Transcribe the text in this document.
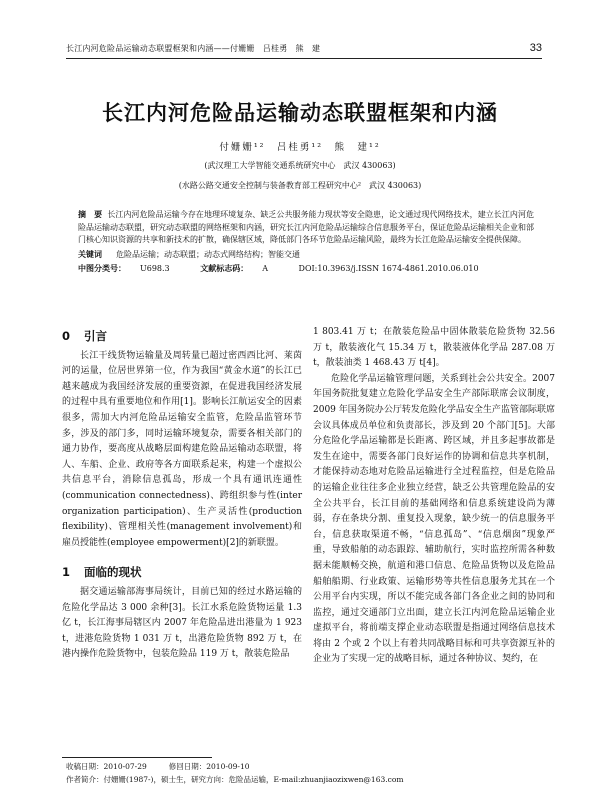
长江内河危险品运输动态联盟框架和内涵——付姗姗　吕桂勇　熊　建	33
长江内河危险品运输动态联盟框架和内涵
付姗姗¹²　吕桂勇¹²　熊　建¹²
(武汉理工大学智能交通系统研究中心　武汉 430063)
(水路公路交通安全控制与装备教育部工程研究中心²　武汉 430063)
摘　要 长江内河危险品运输今存在地理环境复杂、缺乏公共服务能力现状等安全隐患，论文通过现代网络技术，建立长江内河危险品运输动态联盟，研究动态联盟的网络框架和内涵，研究长江内河危险品运输综合信息服务平台，保证危险品运输相关企业和部门核心知识资源的共享和新技术的扩散，确保辖区域，降低部门各环节危险品运输风险，最终为长江危险品运输安全提供保障。
关键词 危险品运输；动态联盟；动态式网络结构；智能交通
中图分类号： U698.3	文献标志码： A	DOI:10.3963/j.ISSN 1674-4861.2010.06.010
0 引言

长江干线货物运输量及周转量已超过密西西比河、莱茵河的运量，位居世界第一位，作为我国“黄金水道”的长江已越来越成为我国经济发展的重要资源，在促进我国经济发展的过程中具有重要地位和作用[1]。影响长江航运安全的因素很多，需加大内河危险品运输安全监管，危险品监管环节多，涉及的部门多，同时运输环境复杂，需要各相关部门的通力协作，要高度从战略层面构建危险品运输动态联盟，将人、车船、企业、政府等各方面联系起来，构建一个虚拟公共信息平台，消除信息孤岛，形成一个具有通讯连通性(communication connectedness)、跨组织参与性(inter organization participation)、生产灵活性(production flexibility)、管理相关性(management involvement)和雇员授能性(employee empowerment)[2]的新联盟。

1 面临的现状

据交通运输部海事局统计，目前已知的经过水路运输的危险化学品达 3 000 余种[3]。长江水系危险货物运量 1.3 亿 t，长江海事局辖区内 2007 年危险品进出港量为 1 923 t，进港危险货物 1 031 万 t，出港危险货物 892 万 t，在港内操作危险货物中，包装危险品 119 万 t，散装危险品

1 803.41 万 t；在散装危险品中固体散装危险货物 32.56 万 t，散装液化气 15.34 万 t，散装液体化学品 287.08 万 t，散装油类 1 468.43 万 t[4]。

危险化学品运输管理问题，关系到社会公共安全。2007 年国务院批复建立危险化学品安全生产部际联席会议制度，2009 年国务院办公厅转发危险化学品安全生产监管部际联席会议具体成员单位和负责部长，涉及到 20 个部门[5]。大部分危险化学品运输都是长距离、跨区域，并且多起事故都是发生在途中，需要各部门良好运作的协调和信息共享机制，才能保持动态地对危险品运输进行全过程监控，但是危险品的运输企业往往多企业独立经营，缺乏公共管理危险品的安全公共平台，长江目前的基础网络和信息系统建设尚为薄弱，存在条块分割、重复投入现象，缺少统一的信息服务平台，信息获取渠道不畅，“信息孤岛”、“信息烟囱”现象严重，导致船舶的动态跟踪、辅助航行，实时监控所需各种数据未能顺畅交换，航道和港口信息、危险品货物以及危险品船舶船期、行业政策、运输形势等共性信息服务尤其在一个公用平台内实现，所以不能完成各部门各企业之间的协同和监控，通过交通部门立出面，建立长江内河危险品运输企业虚拟平台，将前端支撑企业动态联盟是指通过网络信息技术将由 2 个或 2 个以上有着共同战略目标和可共享资源互补的企业为了实现一定的战略目标，通过各种协议、契约，在

收稿日期：2010-07-29	修回日期：2010-09-10
作者简介：付姗姗(1987-)，硕士生，研究方向：危险品运输，E-mail:zhuanjiaozixwen@163.com
